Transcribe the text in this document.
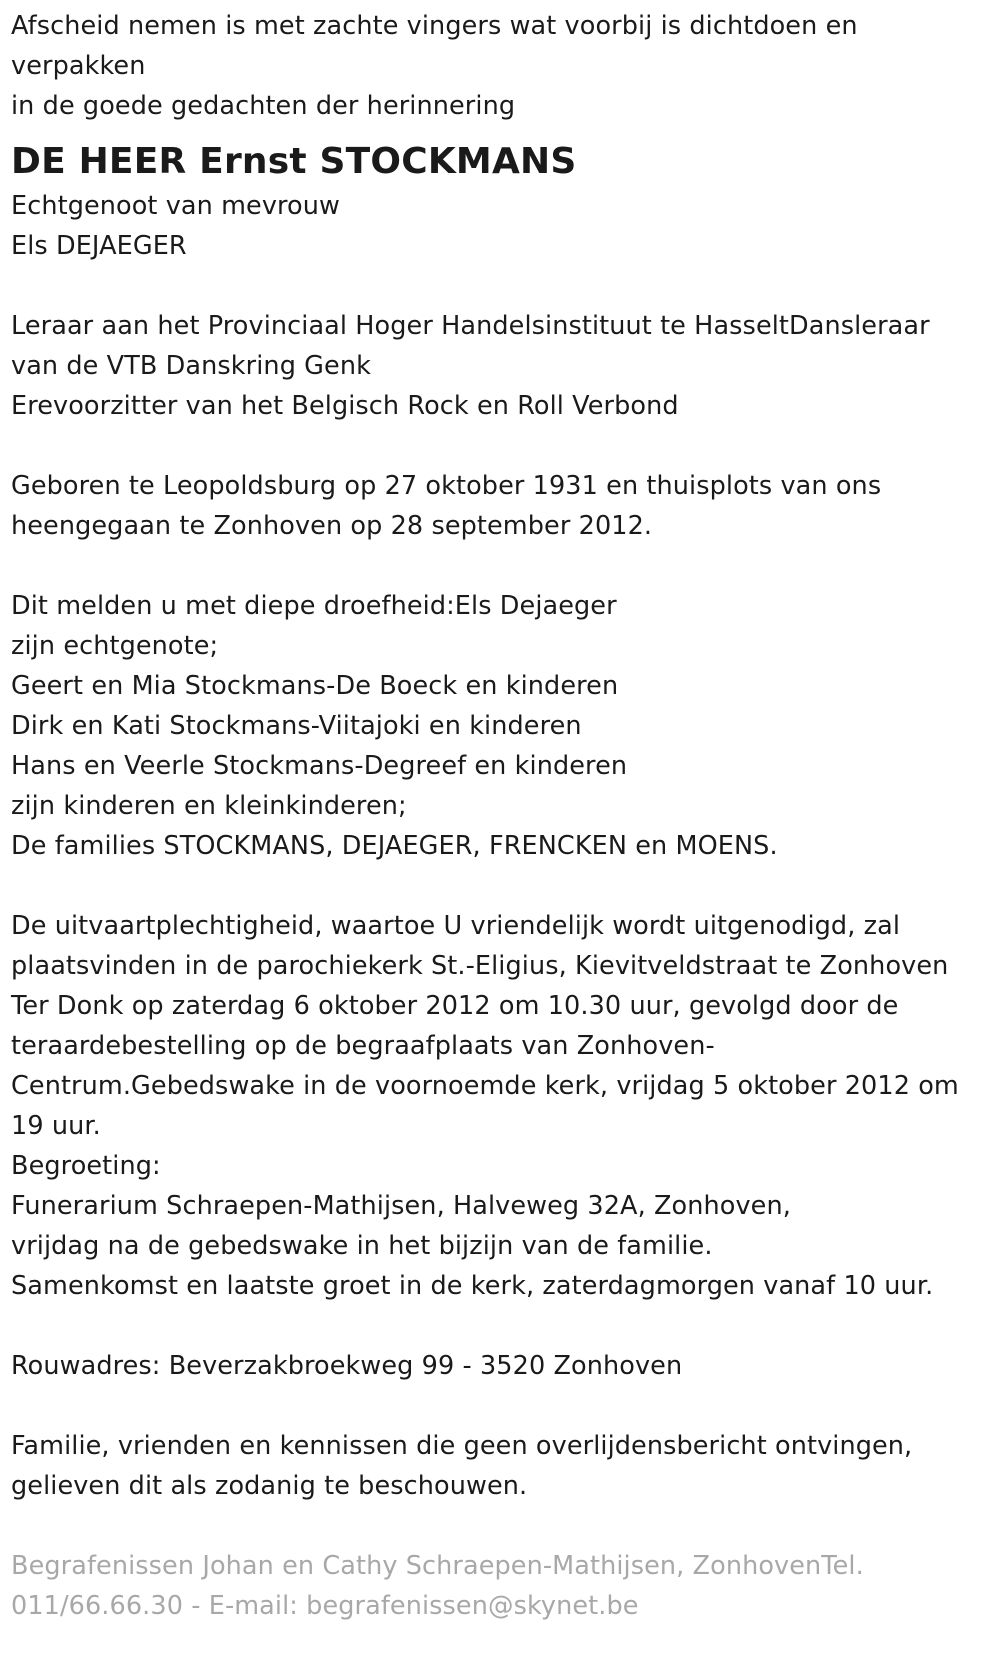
Afscheid nemen is met zachte vingers wat voorbij is dichtdoen en
verpakken
in de goede gedachten der herinnering
DE HEER Ernst STOCKMANS
Echtgenoot van mevrouw
Els DEJAEGER
Leraar aan het Provinciaal Hoger Handelsinstituut te HasseltDansleraar
van de VTB Danskring Genk
Erevoorzitter van het Belgisch Rock en Roll Verbond
Geboren te Leopoldsburg op 27 oktober 1931 en thuisplots van ons
heengegaan te Zonhoven op 28 september 2012.
Dit melden u met diepe droefheid:Els Dejaeger
zijn echtgenote;
Geert en Mia Stockmans-De Boeck en kinderen
Dirk en Kati Stockmans-Viitajoki en kinderen
Hans en Veerle Stockmans-Degreef en kinderen
zijn kinderen en kleinkinderen;
De families STOCKMANS, DEJAEGER, FRENCKEN en MOENS.
De uitvaartplechtigheid, waartoe U vriendelijk wordt uitgenodigd, zal
plaatsvinden in de parochiekerk St.-Eligius, Kievitveldstraat te Zonhoven
Ter Donk op zaterdag 6 oktober 2012 om 10.30 uur, gevolgd door de
teraardebestelling op de begraafplaats van Zonhoven-
Centrum.Gebedswake in de voornoemde kerk, vrijdag 5 oktober 2012 om
19 uur.
Begroeting:
Funerarium Schraepen-Mathijsen, Halveweg 32A, Zonhoven,
vrijdag na de gebedswake in het bijzijn van de familie.
Samenkomst en laatste groet in de kerk, zaterdagmorgen vanaf 10 uur.
Rouwadres: Beverzakbroekweg 99 - 3520 Zonhoven
Familie, vrienden en kennissen die geen overlijdensbericht ontvingen,
gelieven dit als zodanig te beschouwen.
Begrafenissen Johan en Cathy Schraepen-Mathijsen, ZonhovenTel.
011/66.66.30 - E-mail: begrafenissen@skynet.be
